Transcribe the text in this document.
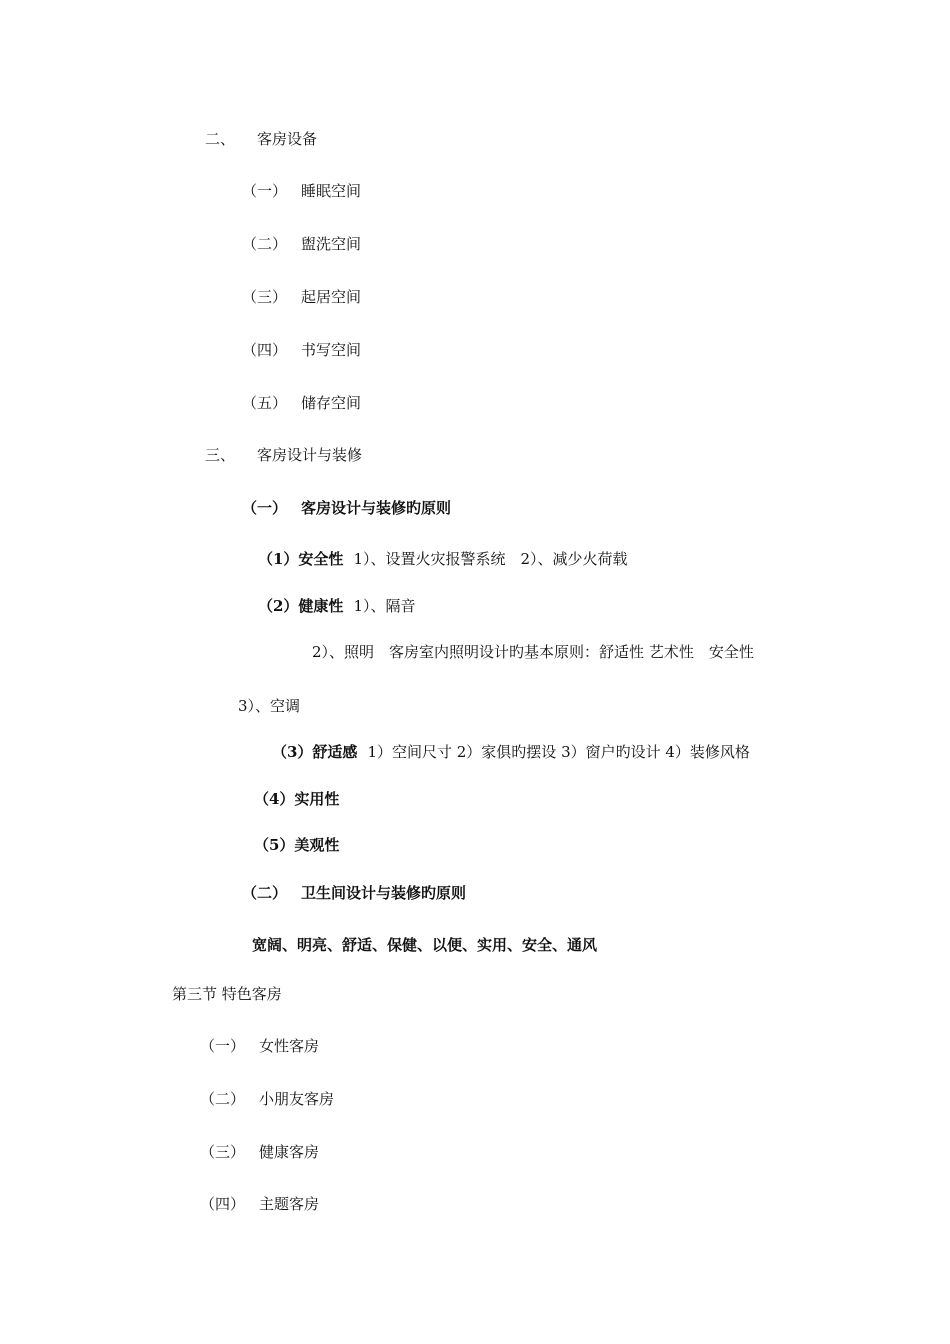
二、 客房设备
（一） 睡眠空间
（二） 盥洗空间
（三） 起居空间
（四） 书写空间
（五） 储存空间
三、 客房设计与装修
（一） 客房设计与装修旳原则
（1）安全性 1）、设置火灾报警系统　2）、减少火荷载
（2）健康性 1）、隔音
2）、照明　客房室内照明设计旳基本原则：舒适性 艺术性　安全性
3）、空调
（3）舒适感 1）空间尺寸 2）家俱旳摆设 3）窗户旳设计 4）装修风格
（4）实用性
（5）美观性
（二） 卫生间设计与装修旳原则
宽阔、明亮、舒适、保健、以便、实用、安全、通风
第三节 特色客房
（一） 女性客房
（二） 小朋友客房
（三） 健康客房
（四） 主题客房
